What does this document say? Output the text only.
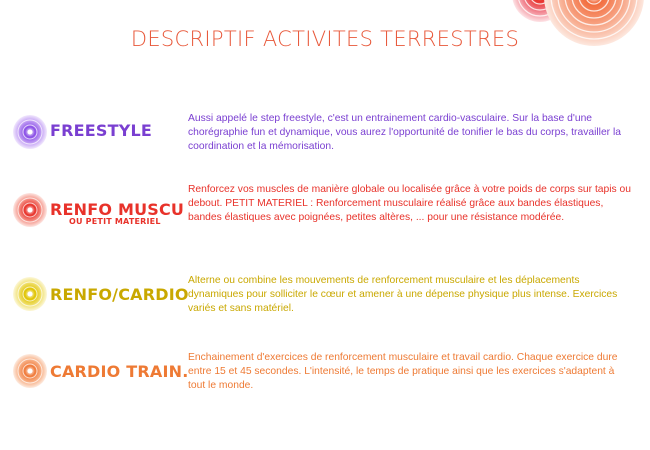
DESCRIPTIF ACTIVITES TERRESTRES
FREESTYLE
Aussi appelé le step freestyle, c'est un entrainement cardio-vasculaire. Sur la base d'une chorégraphie fun et dynamique, vous aurez l'opportunité de tonifier le bas du corps, travailler la coordination et la mémorisation.
RENFO MUSCU
OU PETIT MATERIEL
Renforcez vos muscles de manière globale ou localisée grâce à votre poids de corps sur tapis ou debout. PETIT MATERIEL : Renforcement musculaire réalisé grâce aux bandes élastiques, bandes élastiques avec poignées, petites altères, ... pour une résistance modérée.
RENFO/CARDIO
Alterne ou combine les mouvements de renforcement musculaire et les déplacements dynamiques pour solliciter le cœur et amener à une dépense physique plus intense. Exercices variés et sans matériel.
CARDIO TRAIN.
Enchainement d'exercices de renforcement musculaire et travail cardio. Chaque exercice dure entre 15 et 45 secondes. L'intensité, le temps de pratique ainsi que les exercices s'adaptent à tout le monde.
